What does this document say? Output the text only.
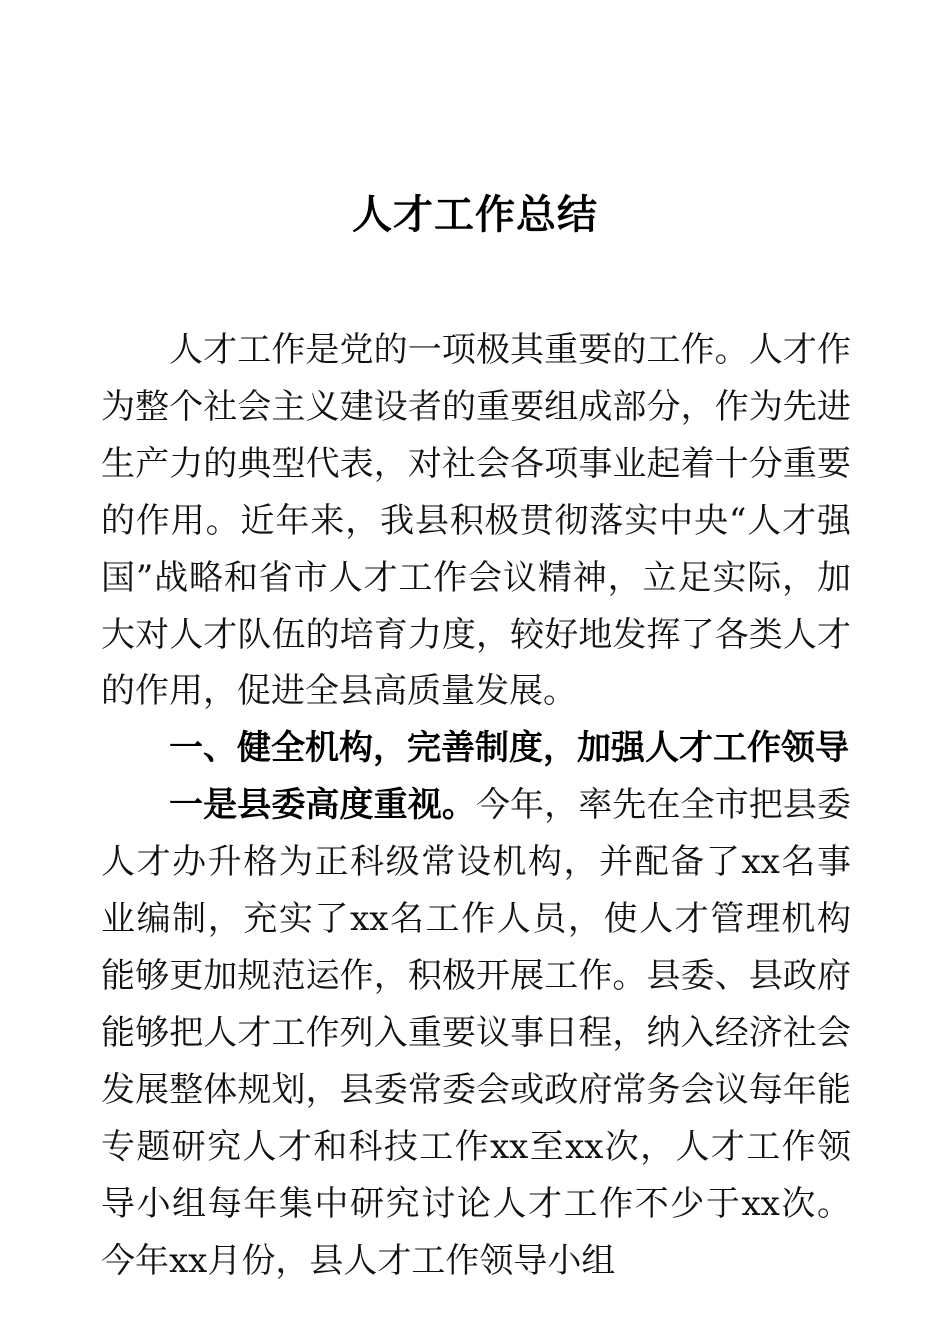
人才工作总结

人才工作是党的一项极其重要的工作。人才作为整个社会主义建设者的重要组成部分，作为先进生产力的典型代表，对社会各项事业起着十分重要的作用。近年来，我县积极贯彻落实中央“人才强国”战略和省市人才工作会议精神，立足实际，加大对人才队伍的培育力度，较好地发挥了各类人才的作用，促进全县高质量发展。

一、健全机构，完善制度，加强人才工作领导

一是县委高度重视。今年，率先在全市把县委人才办升格为正科级常设机构，并配备了xx名事业编制，充实了xx名工作人员，使人才管理机构能够更加规范运作，积极开展工作。县委、县政府能够把人才工作列入重要议事日程，纳入经济社会发展整体规划，县委常委会或政府常务会议每年能专题研究人才和科技工作xx至xx次，人才工作领导小组每年集中研究讨论人才工作不少于xx次。今年xx月份，县人才工作领导小组
